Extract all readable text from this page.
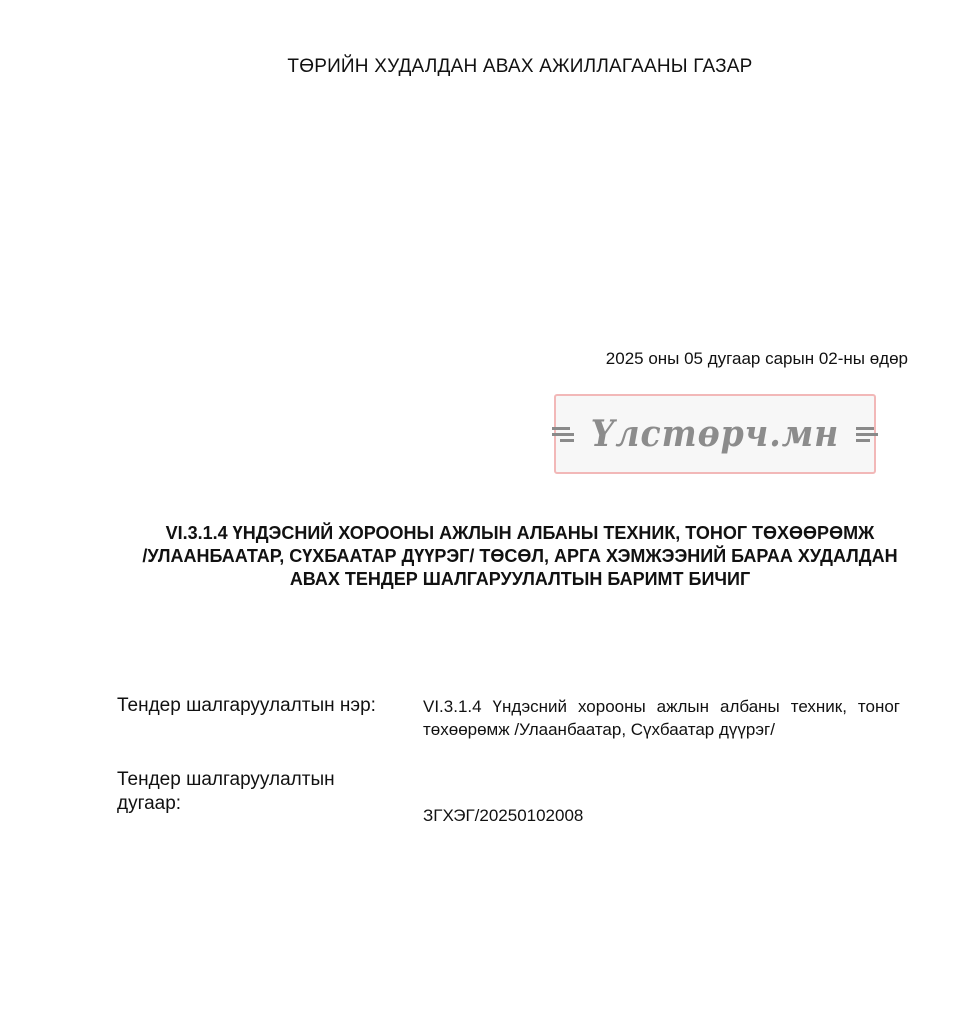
ТӨРИЙН ХУДАЛДАН АВАХ АЖИЛЛАГААНЫ ГАЗАР
2025 оны 05 дугаар сарын 02-ны өдөр
Үлстөрч.мн
VI.3.1.4 ҮНДЭСНИЙ ХОРООНЫ АЖЛЫН АЛБАНЫ ТЕХНИК, ТОНОГ ТӨХӨӨРӨМЖ
/УЛААНБААТАР, СҮХБААТАР ДҮҮРЭГ/ ТӨСӨЛ, АРГА ХЭМЖЭЭНИЙ БАРАА ХУДАЛДАН
АВАХ ТЕНДЕР ШАЛГАРУУЛАЛТЫН БАРИМТ БИЧИГ
Тендер шалгаруулалтын нэр:	VI.3.1.4 Үндэсний хорооны ажлын албаны техник, тоног төхөөрөмж /Улаанбаатар, Сүхбаатар дүүрэг/
Тендер шалгаруулалтын дугаар:
ЗГХЭГ/20250102008
